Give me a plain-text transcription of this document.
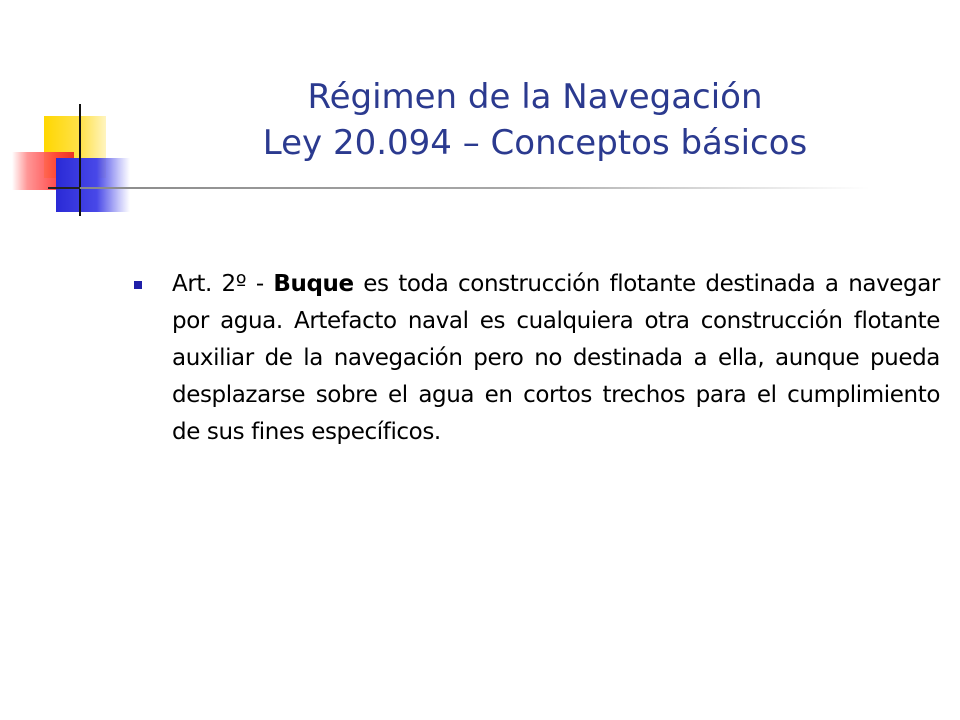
Régimen de la Navegación
Ley 20.094 – Conceptos básicos
Art. 2º - Buque es toda construcción flotante destinada a navegar por agua. Artefacto naval es cualquiera otra construcción flotante auxiliar de la navegación pero no destinada a ella, aunque pueda desplazarse sobre el agua en cortos trechos para el cumplimiento de sus fines específicos.
